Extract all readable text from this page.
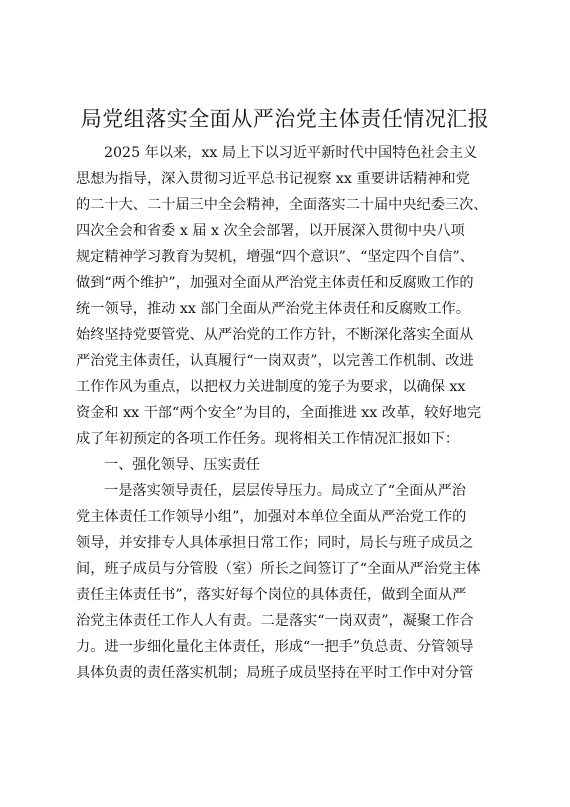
局党组落实全面从严治党主体责任情况汇报
2025 年以来，xx 局上下以习近平新时代中国特色社会主义
思想为指导，深入贯彻习近平总书记视察 xx 重要讲话精神和党
的二十大、二十届三中全会精神，全面落实二十届中央纪委三次、
四次全会和省委 x 届 x 次全会部署，以开展深入贯彻中央八项
规定精神学习教育为契机，增强“四个意识”、“坚定四个自信”、
做到“两个维护”，加强对全面从严治党主体责任和反腐败工作的
统一领导，推动 xx 部门全面从严治党主体责任和反腐败工作。
始终坚持党要管党、从严治党的工作方针，不断深化落实全面从
严治党主体责任，认真履行“一岗双责”，以完善工作机制、改进
工作作风为重点，以把权力关进制度的笼子为要求，以确保 xx
资金和 xx 干部“两个安全”为目的，全面推进 xx 改革，较好地完
成了年初预定的各项工作任务。现将相关工作情况汇报如下：
一、强化领导、压实责任
一是落实领导责任，层层传导压力。局成立了“全面从严治
党主体责任工作领导小组”，加强对本单位全面从严治党工作的
领导，并安排专人具体承担日常工作；同时，局长与班子成员之
间，班子成员与分管股（室）所长之间签订了“全面从严治党主体
责任主体责任书”，落实好每个岗位的具体责任，做到全面从严
治党主体责任工作人人有责。二是落实“一岗双责”，凝聚工作合
力。进一步细化量化主体责任，形成“一把手”负总责、分管领导
具体负责的责任落实机制；局班子成员坚持在平时工作中对分管
